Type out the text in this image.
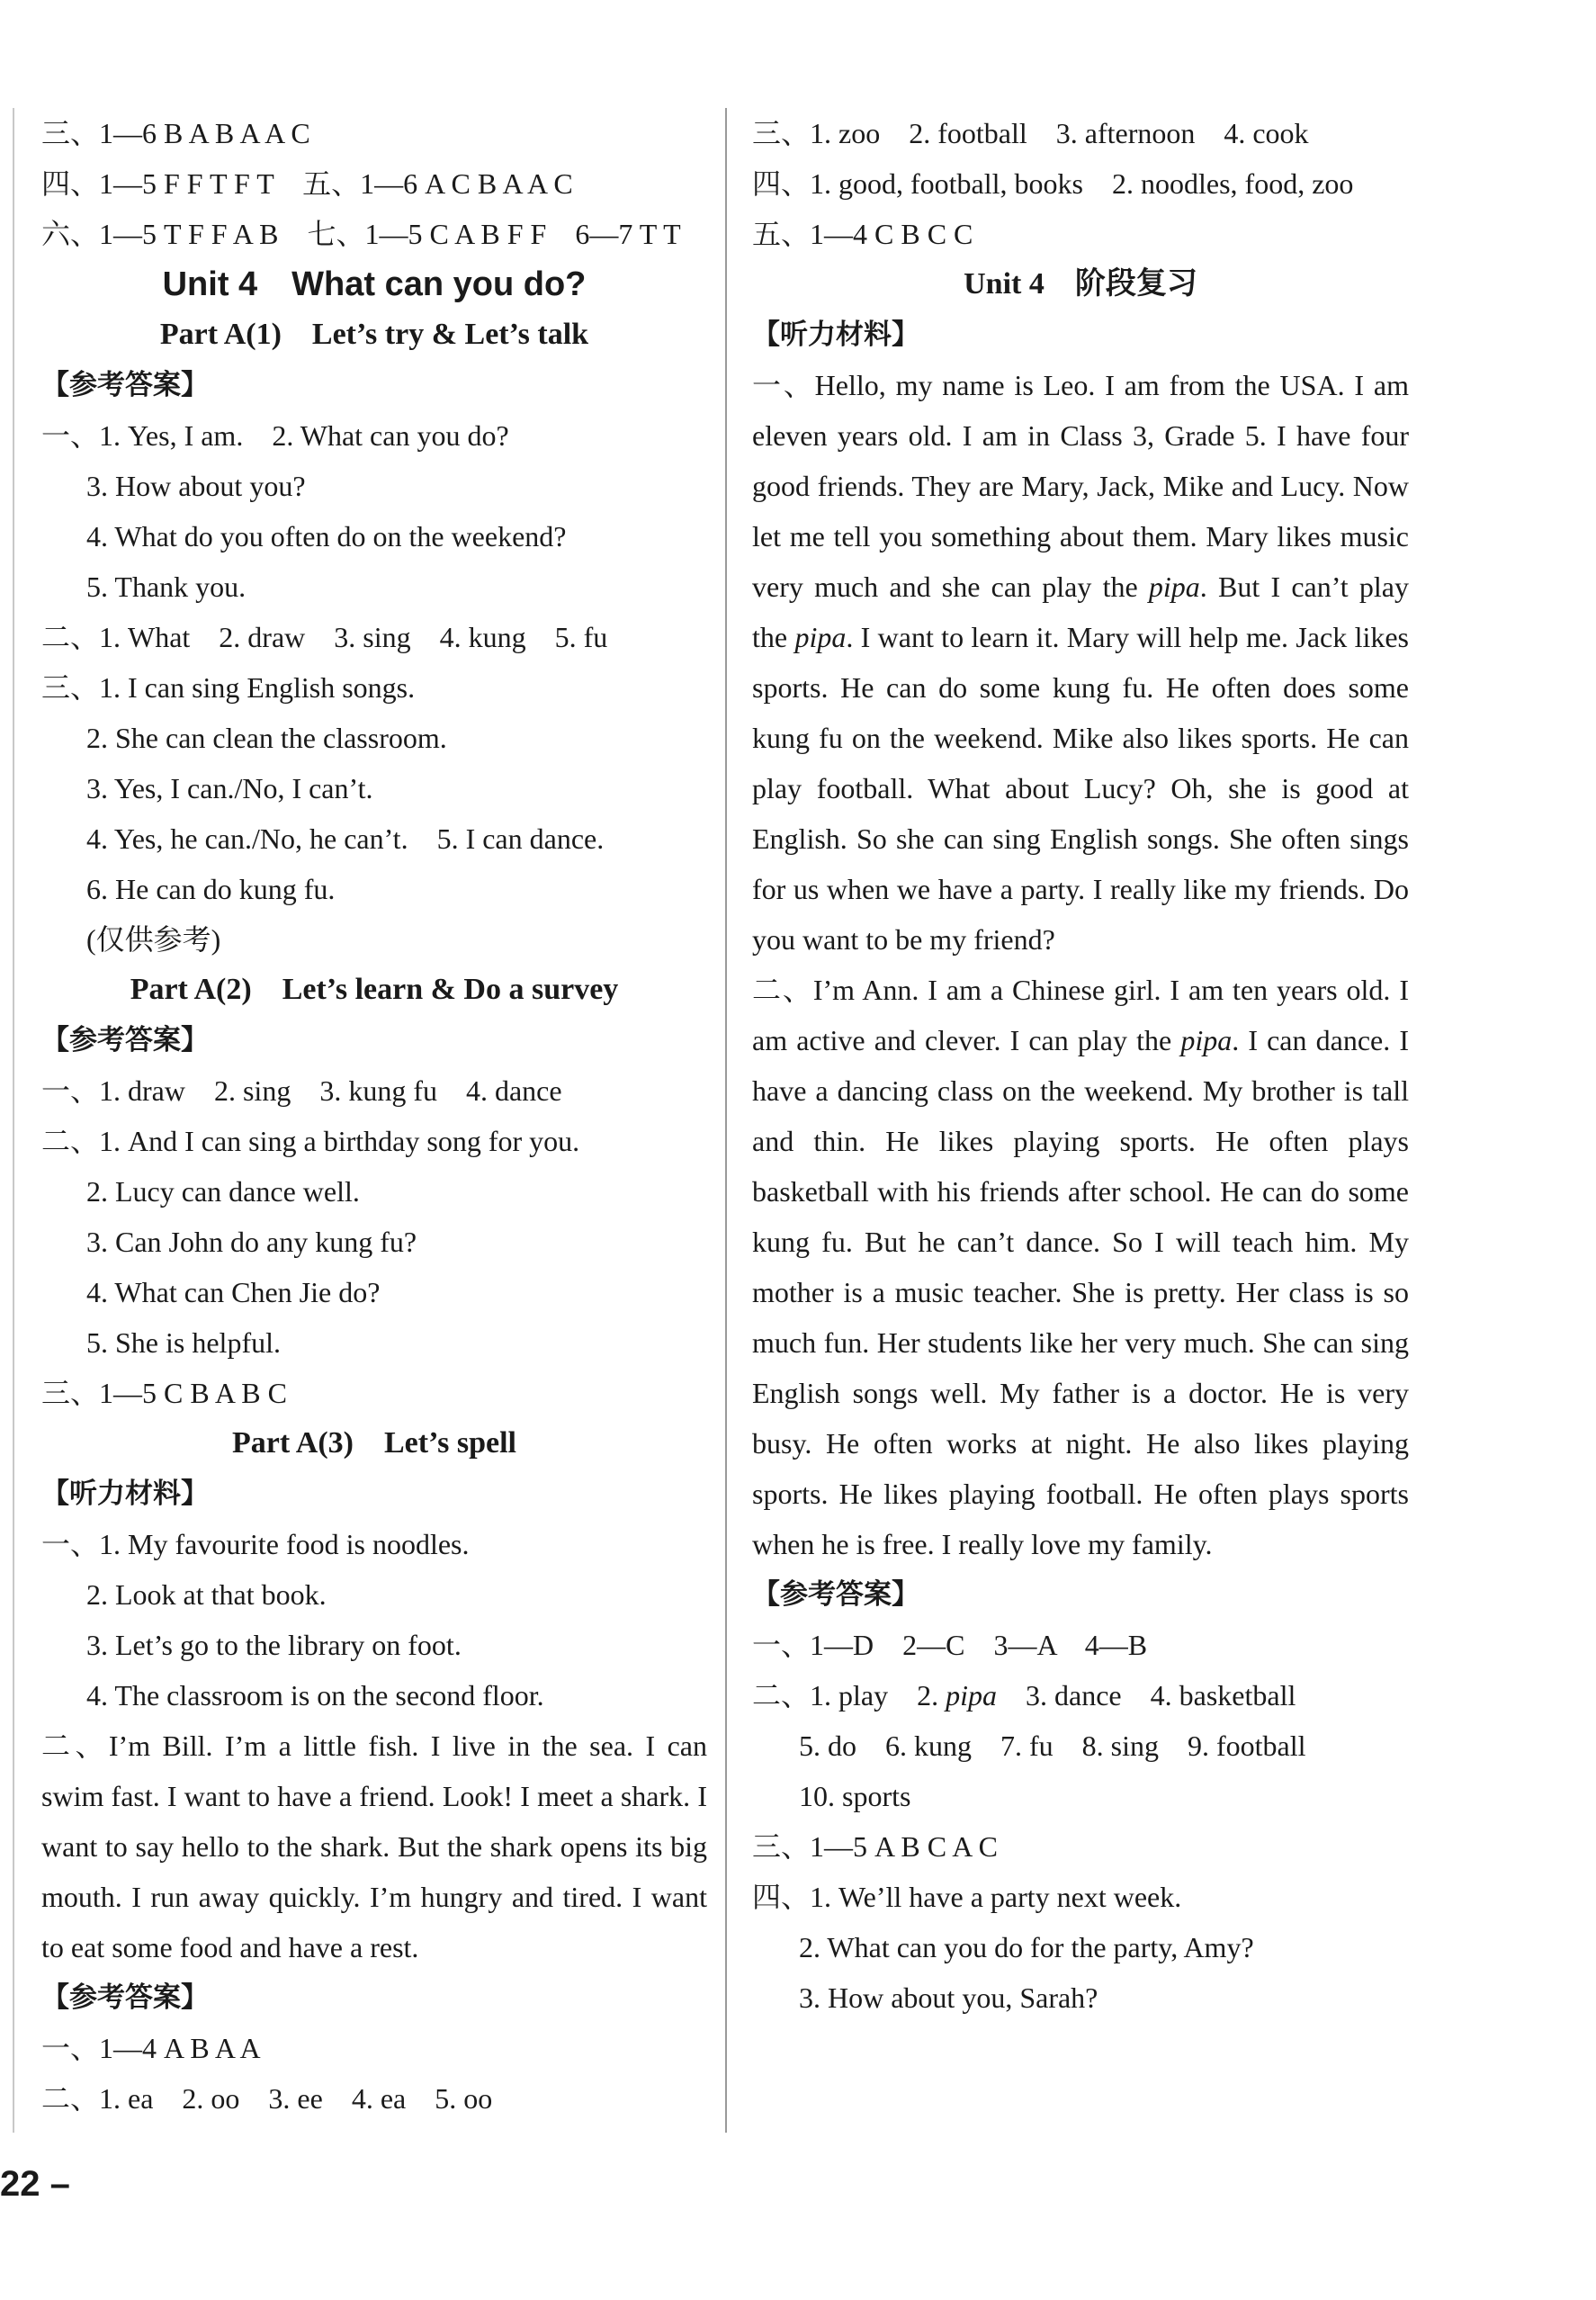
三、1—6 B A B A A C
四、1—5 F F T F T　五、1—6 A C B A A C
六、1—5 T F F A B　七、1—5 C A B F F　6—7 T T
Unit 4　What can you do?
Part A(1)　Let’s try & Let’s talk
【参考答案】
一、1. Yes, I am.　2. What can you do?
3. How about you?
4. What do you often do on the weekend?
5. Thank you.
二、1. What　2. draw　3. sing　4. kung　5. fu
三、1. I can sing English songs.
2. She can clean the classroom.
3. Yes, I can./No, I can’t.
4. Yes, he can./No, he can’t.　5. I can dance.
6. He can do kung fu.
(仅供参考)
Part A(2)　Let’s learn & Do a survey
【参考答案】
一、1. draw　2. sing　3. kung fu　4. dance
二、1. And I can sing a birthday song for you.
2. Lucy can dance well.
3. Can John do any kung fu?
4. What can Chen Jie do?
5. She is helpful.
三、1—5 C B A B C
Part A(3)　Let’s spell
【听力材料】
一、1. My favourite food is noodles.
2. Look at that book.
3. Let’s go to the library on foot.
4. The classroom is on the second floor.
二、I’m Bill. I’m a little fish. I live in the sea. I can swim fast. I want to have a friend. Look! I meet a shark. I want to say hello to the shark. But the shark opens its big mouth. I run away quickly. I’m hungry and tired. I want to eat some food and have a rest.
【参考答案】
一、1—4 A B A A
二、1. ea　2. oo　3. ee　4. ea　5. oo
三、1. zoo　2. football　3. afternoon　4. cook
四、1. good, football, books　2. noodles, food, zoo
五、1—4 C B C C
Unit 4　阶段复习
【听力材料】
一、Hello, my name is Leo. I am from the USA. I am eleven years old. I am in Class 3, Grade 5. I have four good friends. They are Mary, Jack, Mike and Lucy. Now let me tell you something about them. Mary likes music very much and she can play the pipa. But I can’t play the pipa. I want to learn it. Mary will help me. Jack likes sports. He can do some kung fu. He often does some kung fu on the weekend. Mike also likes sports. He can play football. What about Lucy? Oh, she is good at English. So she can sing English songs. She often sings for us when we have a party. I really like my friends. Do you want to be my friend?
二、I’m Ann. I am a Chinese girl. I am ten years old. I am active and clever. I can play the pipa. I can dance. I have a dancing class on the weekend. My brother is tall and thin. He likes playing sports. He often plays basketball with his friends after school. He can do some kung fu. But he can’t dance. So I will teach him. My mother is a music teacher. She is pretty. Her class is so much fun. Her students like her very much. She can sing English songs well. My father is a doctor. He is very busy. He often works at night. He also likes playing sports. He likes playing football. He often plays sports when he is free. I really love my family.
【参考答案】
一、1—D　2—C　3—A　4—B
二、1. play　2. pipa　 3. dance　4. basketball
5. do　6. kung　7. fu　8. sing　9. football
10. sports
三、1—5 A B C A C
四、1. We’ll have a party next week.
2. What can you do for the party, Amy?
3. How about you, Sarah?
22 –
